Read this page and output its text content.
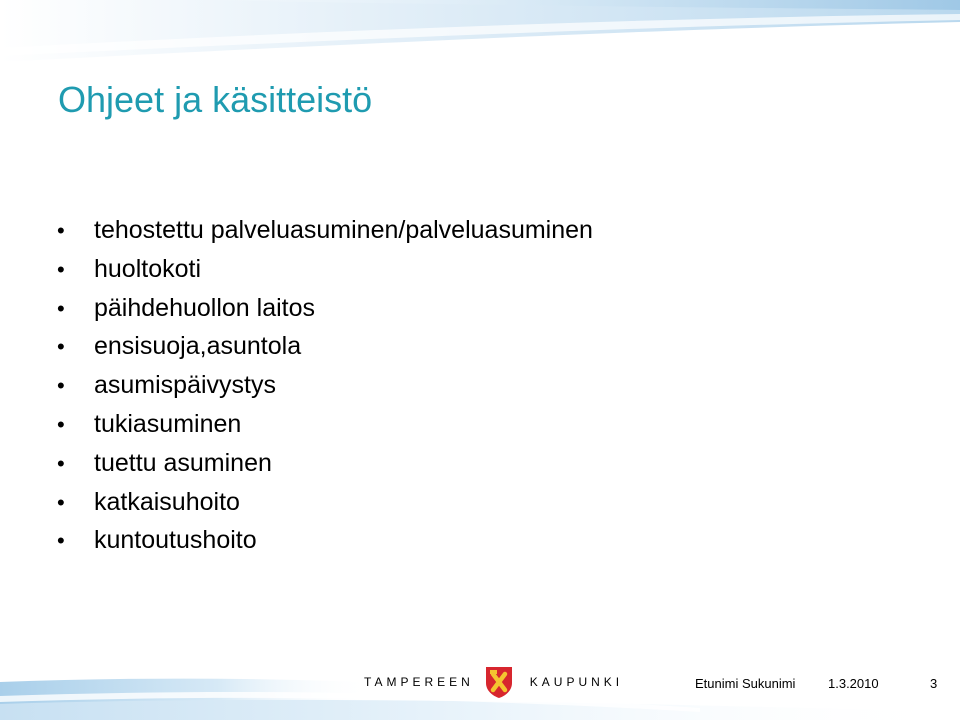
Ohjeet ja käsitteistö
• tehostettu palveluasuminen/palveluasuminen
• huoltokoti
• päihdehuollon laitos
• ensisuoja,asuntola
• asumispäivystys
• tukiasuminen
• tuettu asuminen
• katkaisuhoito
• kuntoutushoito
TAMPEREEN	KAUPUNKI	Etunimi Sukunimi	1.3.2010	3
